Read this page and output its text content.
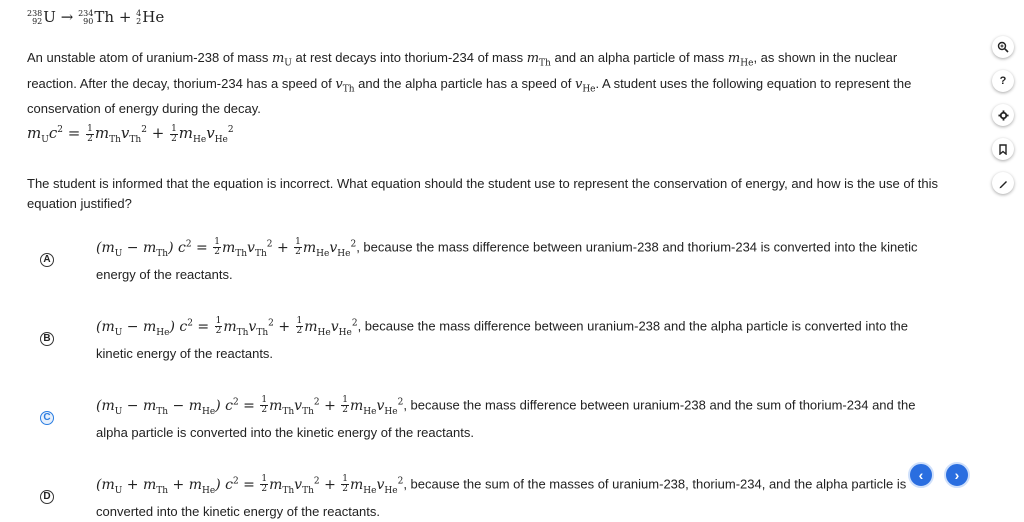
238
92 U → 234
90 Th + 4
2 He
An unstable atom of uranium-238 of mass $m_U$ at rest decays into thorium-234 of mass $m_{Th}$ and an alpha particle of mass $m_{He}$, as shown in the nuclear reaction. After the decay, thorium-234 has a speed of $v_{Th}$ and the alpha particle has a speed of $v_{He}$. A student uses the following equation to represent the conservation of energy during the decay.
$m_Uc^2 = \frac{1}{2} m_{Th}v_{Th}^2 + \frac{1}{2} m_{He}v_{He}^2$
The student is informed that the equation is incorrect. What equation should the student use to represent the conservation of energy, and how is the use of this equation justified?
A
$(m_U - m_{Th}) c^2 = \frac{1}{2} m_{Th}v_{Th}^2 + \frac{1}{2} m_{He}v_{He}^2$, because the mass difference between uranium-238 and thorium-234 is converted into the kinetic energy of the reactants.
B
$(m_U - m_{He}) c^2 = \frac{1}{2} m_{Th}v_{Th}^2 + \frac{1}{2} m_{He}v_{He}^2$, because the mass difference between uranium-238 and the alpha particle is converted into the kinetic energy of the reactants.
C
$(m_U - m_{Th} - m_{He}) c^2 = \frac{1}{2} m_{Th}v_{Th}^2 + \frac{1}{2} m_{He}v_{He}^2$, because the mass difference between uranium-238 and the sum of thorium-234 and the alpha particle is converted into the kinetic energy of the reactants.
D
$(m_U + m_{Th} + m_{He}) c^2 = \frac{1}{2} m_{Th}v_{Th}^2 + \frac{1}{2} m_{He}v_{He}^2$, because the sum of the masses of uranium-238, thorium-234, and the alpha particle is converted into the kinetic energy of the reactants.
?
‹ ›
